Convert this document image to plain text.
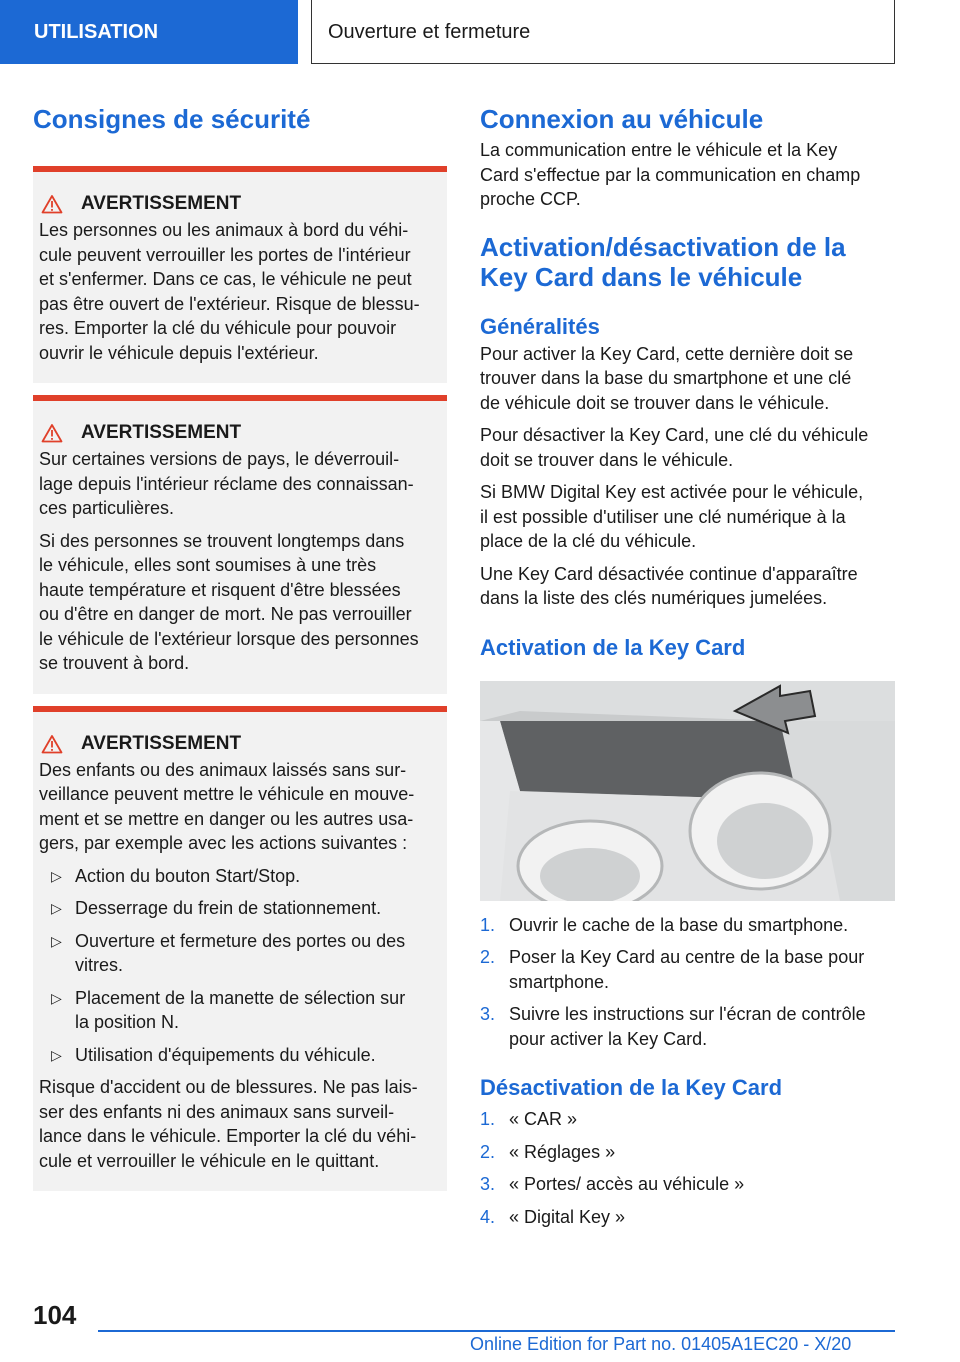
UTILISATION	Ouverture et fermeture
Consignes de sécurité
AVERTISSEMENT

Les personnes ou les animaux à bord du véhi-
cule peuvent verrouiller les portes de l'intérieur
et s'enfermer. Dans ce cas, le véhicule ne peut
pas être ouvert de l'extérieur. Risque de blessu-
res. Emporter la clé du véhicule pour pouvoir
ouvrir le véhicule depuis l'extérieur.

AVERTISSEMENT

Sur certaines versions de pays, le déverrouil-
lage depuis l'intérieur réclame des connaissan-
ces particulières.

Si des personnes se trouvent longtemps dans
le véhicule, elles sont soumises à une très
haute température et risquent d'être blessées
ou d'être en danger de mort. Ne pas verrouiller
le véhicule de l'extérieur lorsque des personnes
se trouvent à bord.

AVERTISSEMENT

Des enfants ou des animaux laissés sans sur-
veillance peuvent mettre le véhicule en mouve-
ment et se mettre en danger ou les autres usa-
gers, par exemple avec les actions suivantes :

▷ Action du bouton Start/Stop.
▷ Desserrage du frein de stationnement.
▷ Ouverture et fermeture des portes ou des
vitres.
▷ Placement de la manette de sélection sur
la position N.
▷ Utilisation d'équipements du véhicule.

Risque d'accident ou de blessures. Ne pas lais-
ser des enfants ni des animaux sans surveil-
lance dans le véhicule. Emporter la clé du véhi-
cule et verrouiller le véhicule en le quittant.

Connexion au véhicule

La communication entre le véhicule et la Key
Card s'effectue par la communication en champ
proche CCP.

Activation/désactivation de la
Key Card dans le véhicule
Généralités

Pour activer la Key Card, cette dernière doit se
trouver dans la base du smartphone et une clé
de véhicule doit se trouver dans le véhicule.

Pour désactiver la Key Card, une clé du véhicule
doit se trouver dans le véhicule.

Si BMW Digital Key est activée pour le véhicule,
il est possible d'utiliser une clé numérique à la
place de la clé du véhicule.

Une Key Card désactivée continue d'apparaître
dans la liste des clés numériques jumelées.

Activation de la Key Card
1. Ouvrir le cache de la base du smartphone.
2. Poser la Key Card au centre de la base pour
smartphone.
3. Suivre les instructions sur l'écran de contrôle
pour activer la Key Card.
Désactivation de la Key Card
1. « CAR »
2. « Réglages »
3. « Portes/ accès au véhicule »
4. « Digital Key »
104
Online Edition for Part no. 01405A1EC20 - X/20
